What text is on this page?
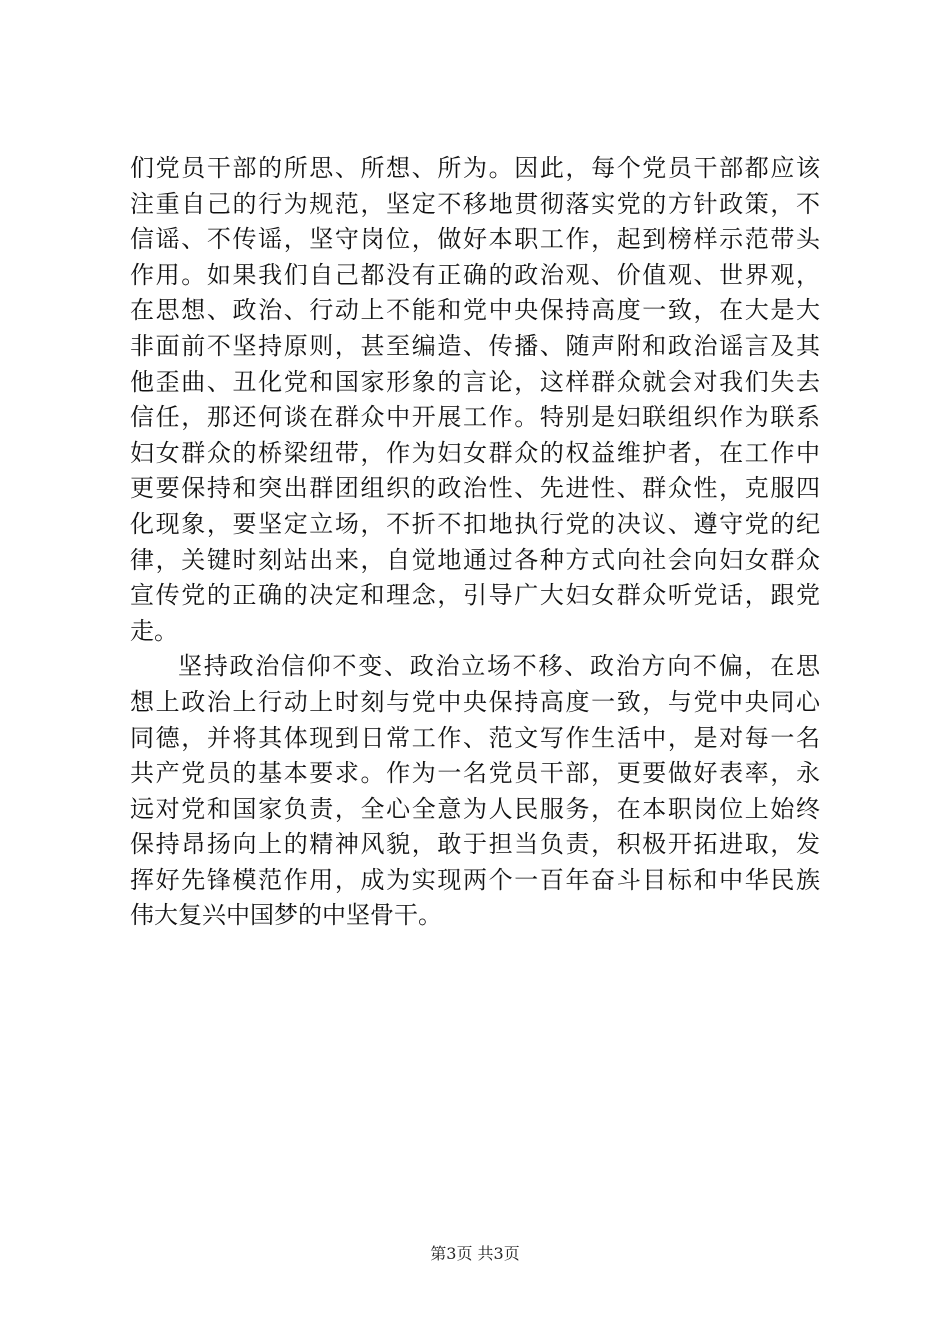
们党员干部的所思、所想、所为。因此，每个党员干部都应该
注重自己的行为规范，坚定不移地贯彻落实党的方针政策，不
信谣、不传谣，坚守岗位，做好本职工作，起到榜样示范带头
作用。如果我们自己都没有正确的政治观、价值观、世界观，
在思想、政治、行动上不能和党中央保持高度一致，在大是大
非面前不坚持原则，甚至编造、传播、随声附和政治谣言及其
他歪曲、丑化党和国家形象的言论，这样群众就会对我们失去
信任，那还何谈在群众中开展工作。特别是妇联组织作为联系
妇女群众的桥梁纽带，作为妇女群众的权益维护者，在工作中
更要保持和突出群团组织的政治性、先进性、群众性，克服四
化现象，要坚定立场，不折不扣地执行党的决议、遵守党的纪
律，关键时刻站出来，自觉地通过各种方式向社会向妇女群众
宣传党的正确的决定和理念，引导广大妇女群众听党话，跟党
走。
坚持政治信仰不变、政治立场不移、政治方向不偏，在思
想上政治上行动上时刻与党中央保持高度一致，与党中央同心
同德，并将其体现到日常工作、范文写作生活中，是对每一名
共产党员的基本要求。作为一名党员干部，更要做好表率，永
远对党和国家负责，全心全意为人民服务，在本职岗位上始终
保持昂扬向上的精神风貌，敢于担当负责，积极开拓进取，发
挥好先锋模范作用，成为实现两个一百年奋斗目标和中华民族
伟大复兴中国梦的中坚骨干。
第3页 共3页
